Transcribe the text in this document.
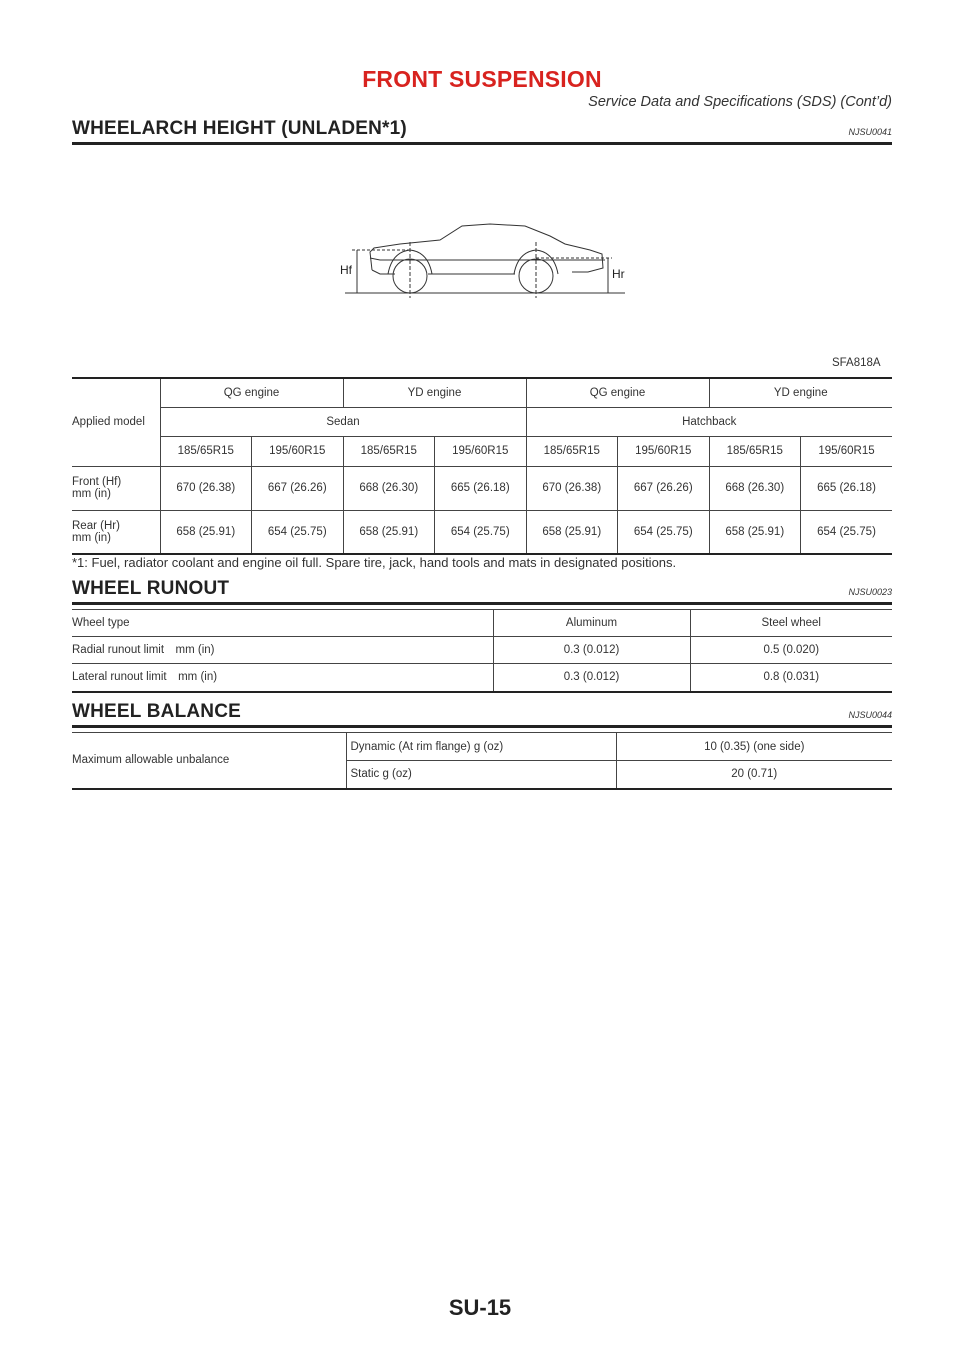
FRONT SUSPENSION
Service Data and Specifications (SDS) (Cont’d)
WHEELARCH HEIGHT (UNLADEN*1)	NJSU0041
Hf	Hr
SFA818A
Applied model	QG engine		YD engine		QG engine		YD engine	
	Sedan				Hatchback			
	185/65R15	195/60R15	185/65R15	195/60R15	185/65R15	195/60R15	185/65R15	195/60R15

Front (Hf)
mm (in)	670 (26.38)	667 (26.26)	668 (26.30)	665 (26.18)	670 (26.38)	667 (26.26)	668 (26.30)	665 (26.18)

Rear (Hr)
mm (in)	658 (25.91)	654 (25.75)	658 (25.91)	654 (25.75)	658 (25.91)	654 (25.75)	658 (25.91)	654 (25.75)
*1: Fuel, radiator coolant and engine oil full. Spare tire, jack, hand tools and mats in designated positions.
WHEEL RUNOUT	NJSU0023
Wheel type	Aluminum	Steel wheel
Radial runout limit mm (in)	0.3 (0.012)	0.5 (0.020)
Lateral runout limit mm (in)	0.3 (0.012)	0.8 (0.031)
WHEEL BALANCE	NJSU0044
Maximum allowable unbalance	Dynamic (At rim flange) g (oz)	10 (0.35) (one side)
	Static g (oz)	20 (0.71)
SU-15
